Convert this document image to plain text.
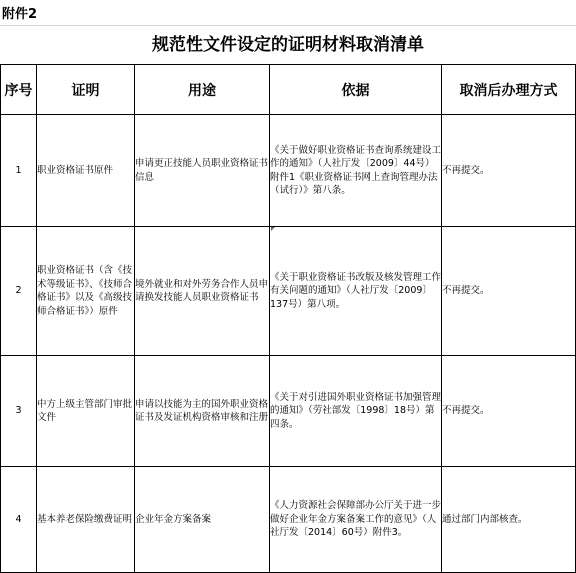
附件2
规范性文件设定的证明材料取消清单
序号	证明	用途	依据	取消后办理方式
1	职业资格证书原件	申请更正技能人员职业资格证书信息	《关于做好职业资格证书查询系统建设工作的通知》（人社厅发〔2009〕44号）附件1《职业资格证书网上查询管理办法（试行）》第八条。	不再提交。

2	职业资格证书（含《技术等级证书》、《技师合格证书》以及《高级技师合格证书》）原件	境外就业和对外劳务合作人员申请换发技能人员职业资格证书	《关于职业资格证书改版及核发管理工作有关问题的通知》（人社厅发〔2009〕137号）第八项。	不再提交。

3	中方上级主管部门审批文件	申请以技能为主的国外职业资格证书及发证机构资格审核和注册	《关于对引进国外职业资格证书加强管理的通知》（劳社部发〔1998〕18号）第四条。	不再提交。

4	基本养老保险缴费证明	企业年金方案备案	《人力资源社会保障部办公厅关于进一步做好企业年金方案备案工作的意见》（人社厅发〔2014〕60号）附件3。	通过部门内部核查。
